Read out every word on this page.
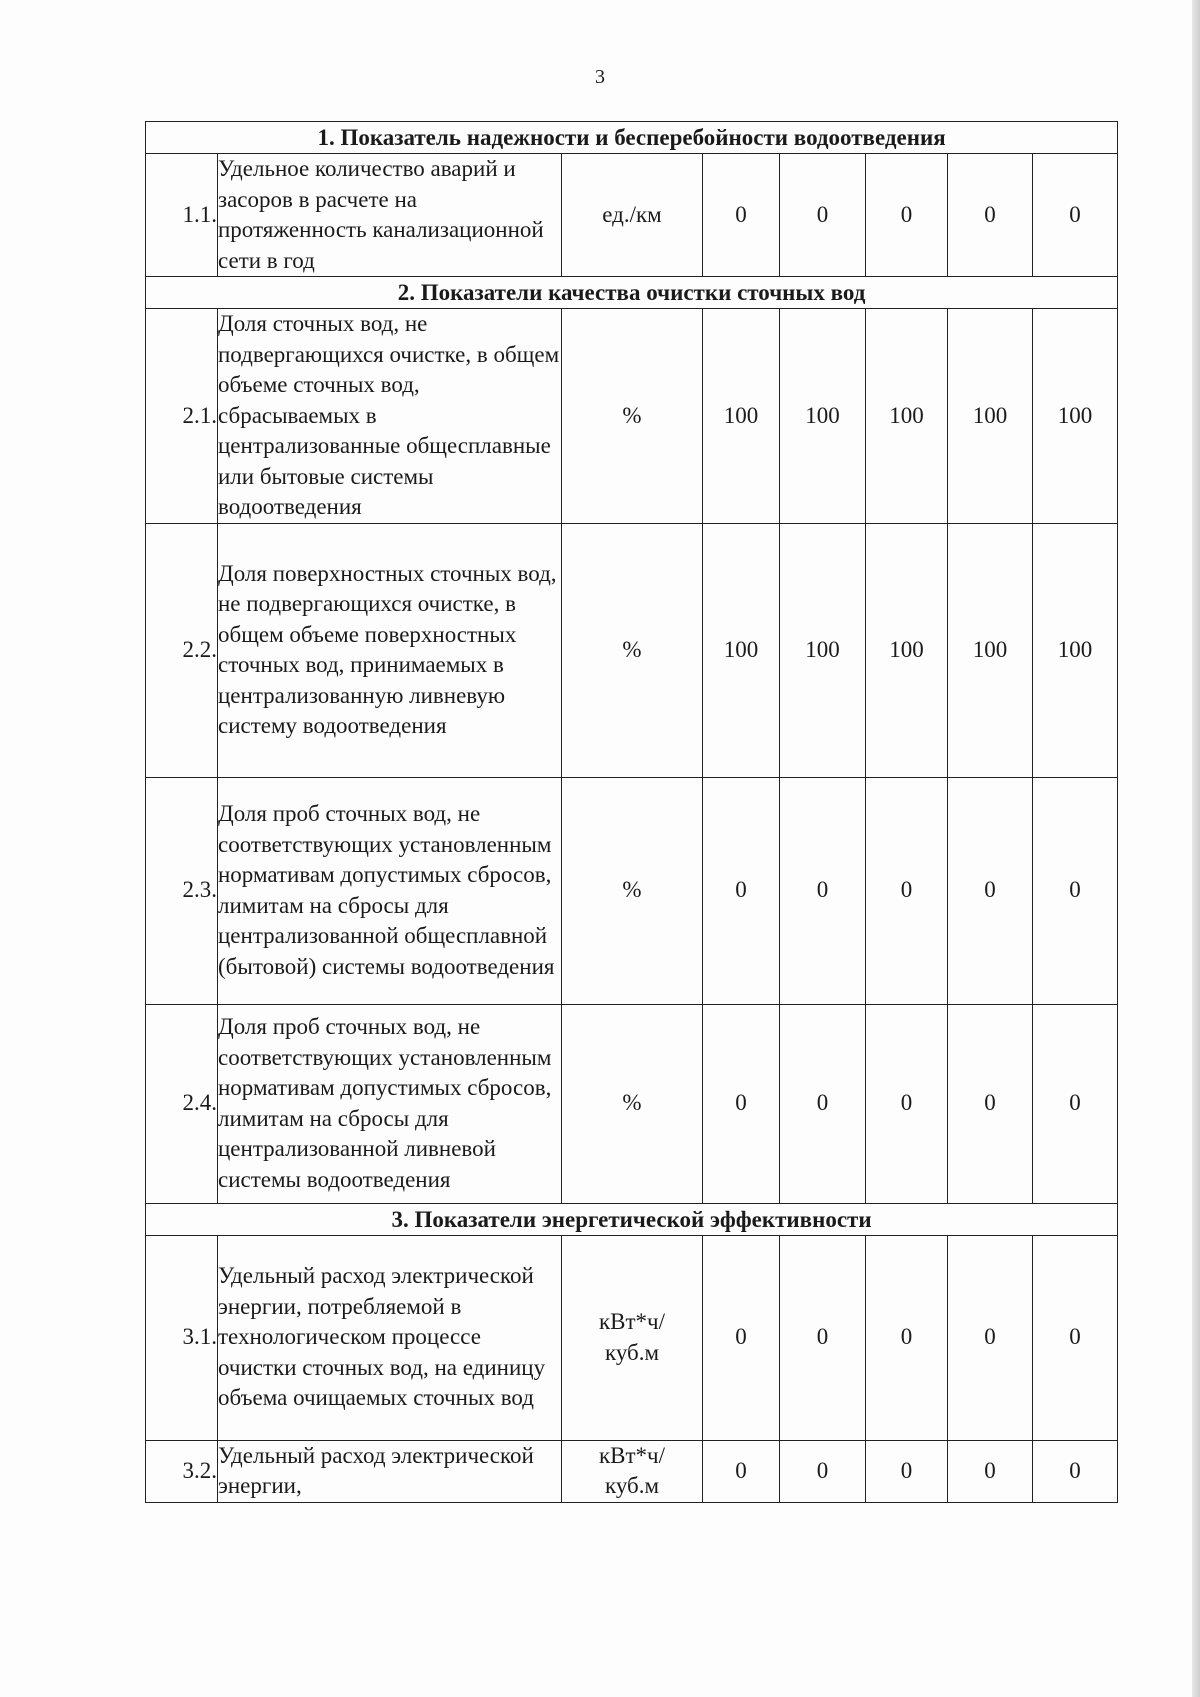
3
1. Показатель надежности и бесперебойности водоотведения							
1.1.	Удельное количество аварий и засоров в расчете на протяженность канализационной сети в год	ед./км	0	0	0	0	0
2. Показатели качества очистки сточных вод							
2.1.	Доля сточных вод, не подвергающихся очистке, в общем объеме сточных вод, сбрасываемых в централизованные общесплавные или бытовые системы водоотведения	%	100	100	100	100	100
2.2.	Доля поверхностных сточных вод, не подвергающихся очистке, в общем объеме поверхностных сточных вод, принимаемых в централизованную ливневую систему водоотведения	%	100	100	100	100	100
2.3.	Доля проб сточных вод, не соответствующих установленным нормативам допустимых сбросов, лимитам на сбросы для централизованной общесплавной (бытовой) системы водоотведения	%	0	0	0	0	0
2.4.	Доля проб сточных вод, не соответствующих установленным нормативам допустимых сбросов, лимитам на сбросы для централизованной ливневой системы водоотведения	%	0	0	0	0	0
3. Показатели энергетической эффективности							
3.1.	Удельный расход электрической энергии, потребляемой в технологическом процессе очистки сточных вод, на единицу объема очищаемых сточных вод	кВт*ч/
куб.м	0	0	0	0	0
3.2.	Удельный расход электрической энергии,	кВт*ч/
куб.м	0	0	0	0	0
